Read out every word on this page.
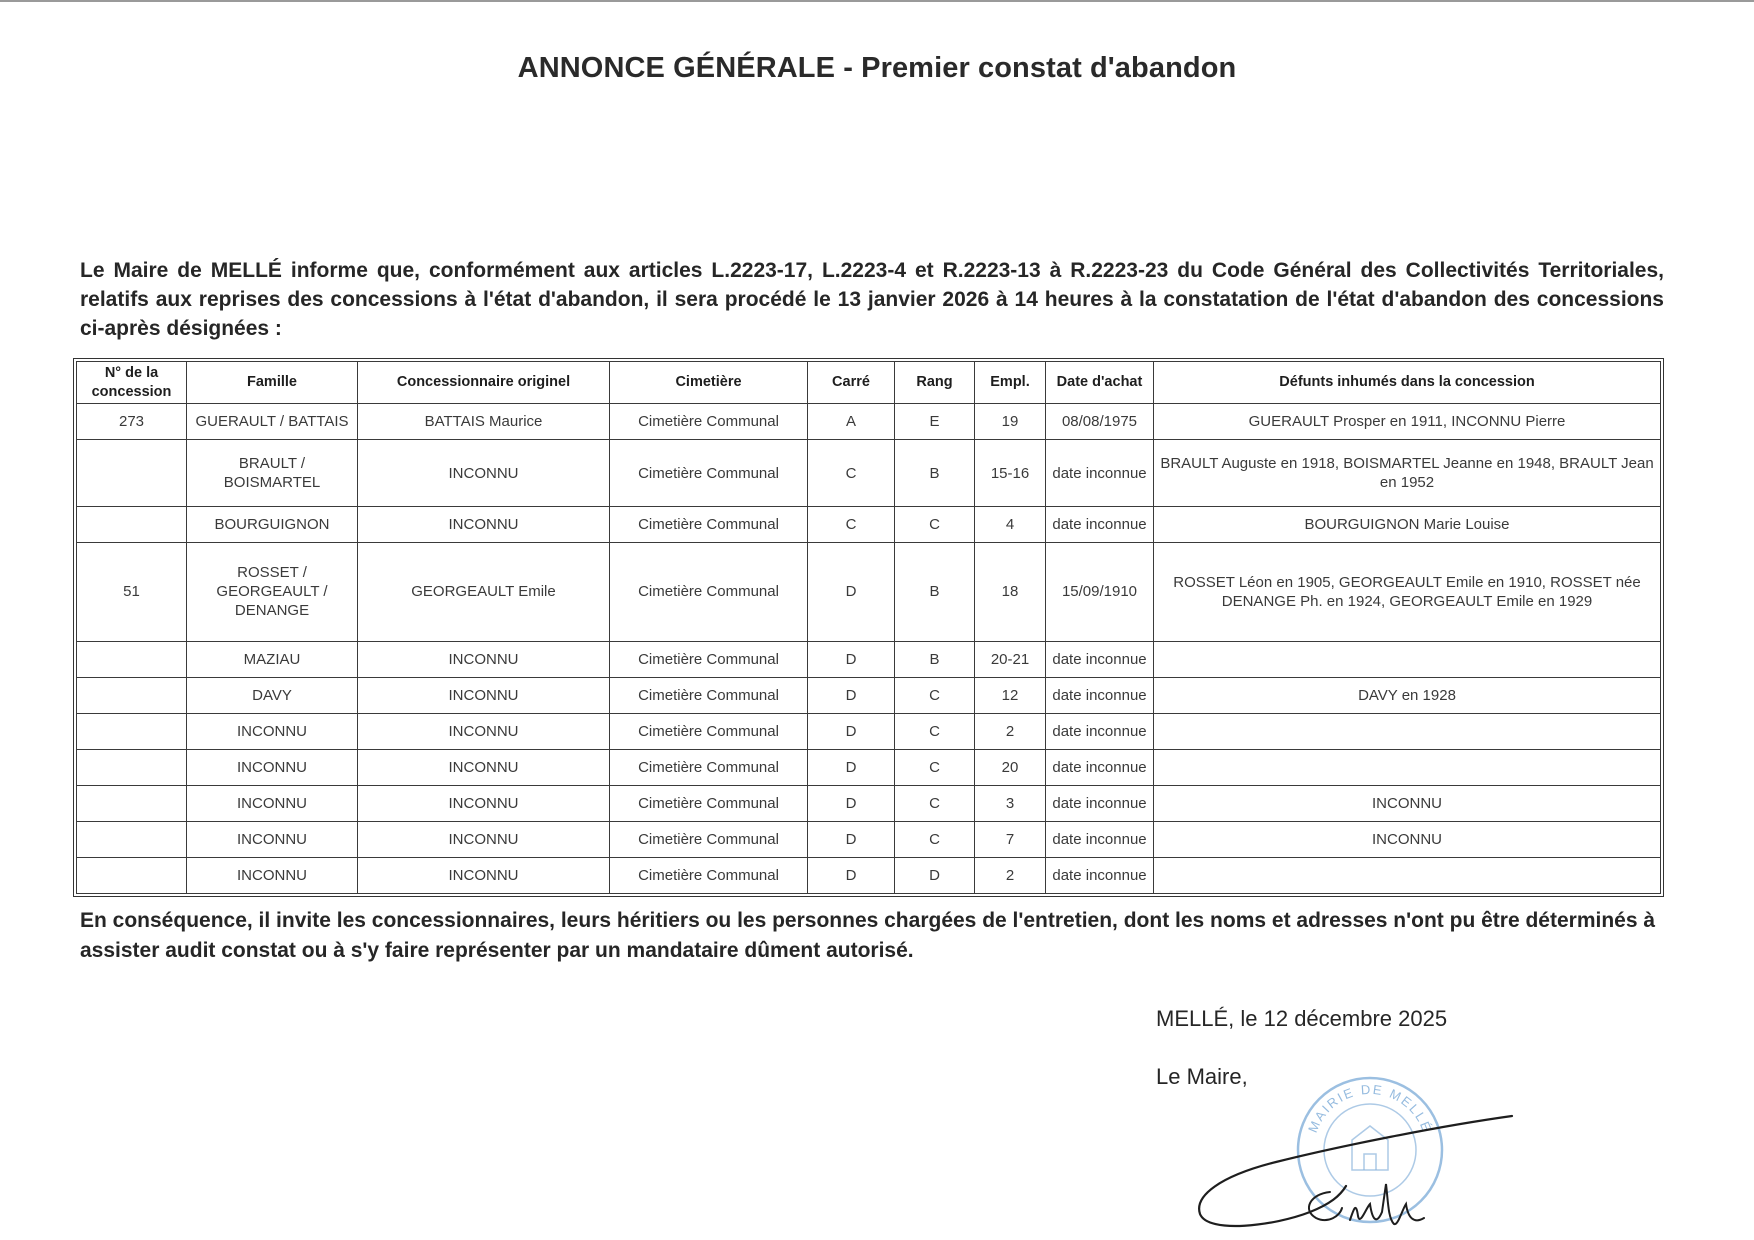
ANNONCE GÉNÉRALE - Premier constat d'abandon
Le Maire de MELLÉ informe que, conformément aux articles L.2223-17, L.2223-4 et R.2223-13 à R.2223-23 du Code Général des Collectivités Territoriales, relatifs aux reprises des concessions à l'état d'abandon, il sera procédé le 13 janvier 2026 à 14 heures à la constatation de l'état d'abandon des concessions ci-après désignées :
N° de la concession	Famille	Concessionnaire originel	Cimetière	Carré	Rang	Empl.	Date d'achat	Défunts inhumés dans la concession
273	GUERAULT / BATTAIS	BATTAIS Maurice	Cimetière Communal	A	E	19	08/08/1975	GUERAULT Prosper en 1911, INCONNU Pierre
	BRAULT / BOISMARTEL	INCONNU	Cimetière Communal	C	B	15-16	date inconnue	BRAULT Auguste en 1918, BOISMARTEL Jeanne en 1948, BRAULT Jean en 1952
	BOURGUIGNON	INCONNU	Cimetière Communal	C	C	4	date inconnue	BOURGUIGNON Marie Louise
51	ROSSET / GEORGEAULT / DENANGE	GEORGEAULT Emile	Cimetière Communal	D	B	18	15/09/1910	ROSSET Léon en 1905, GEORGEAULT Emile en 1910, ROSSET née DENANGE Ph. en 1924, GEORGEAULT Emile en 1929
	MAZIAU	INCONNU	Cimetière Communal	D	B	20-21	date inconnue	
	DAVY	INCONNU	Cimetière Communal	D	C	12	date inconnue	DAVY en 1928
	INCONNU	INCONNU	Cimetière Communal	D	C	2	date inconnue	
	INCONNU	INCONNU	Cimetière Communal	D	C	20	date inconnue	
	INCONNU	INCONNU	Cimetière Communal	D	C	3	date inconnue	INCONNU
	INCONNU	INCONNU	Cimetière Communal	D	C	7	date inconnue	INCONNU
	INCONNU	INCONNU	Cimetière Communal	D	D	2	date inconnue	
En conséquence, il invite les concessionnaires, leurs héritiers ou les personnes chargées de l'entretien, dont les noms et adresses n'ont pu être déterminés à assister audit constat ou à s'y faire représenter par un mandataire dûment autorisé.
MELLÉ, le 12 décembre 2025
Le Maire,
MAIRIE DE MELLÉ
